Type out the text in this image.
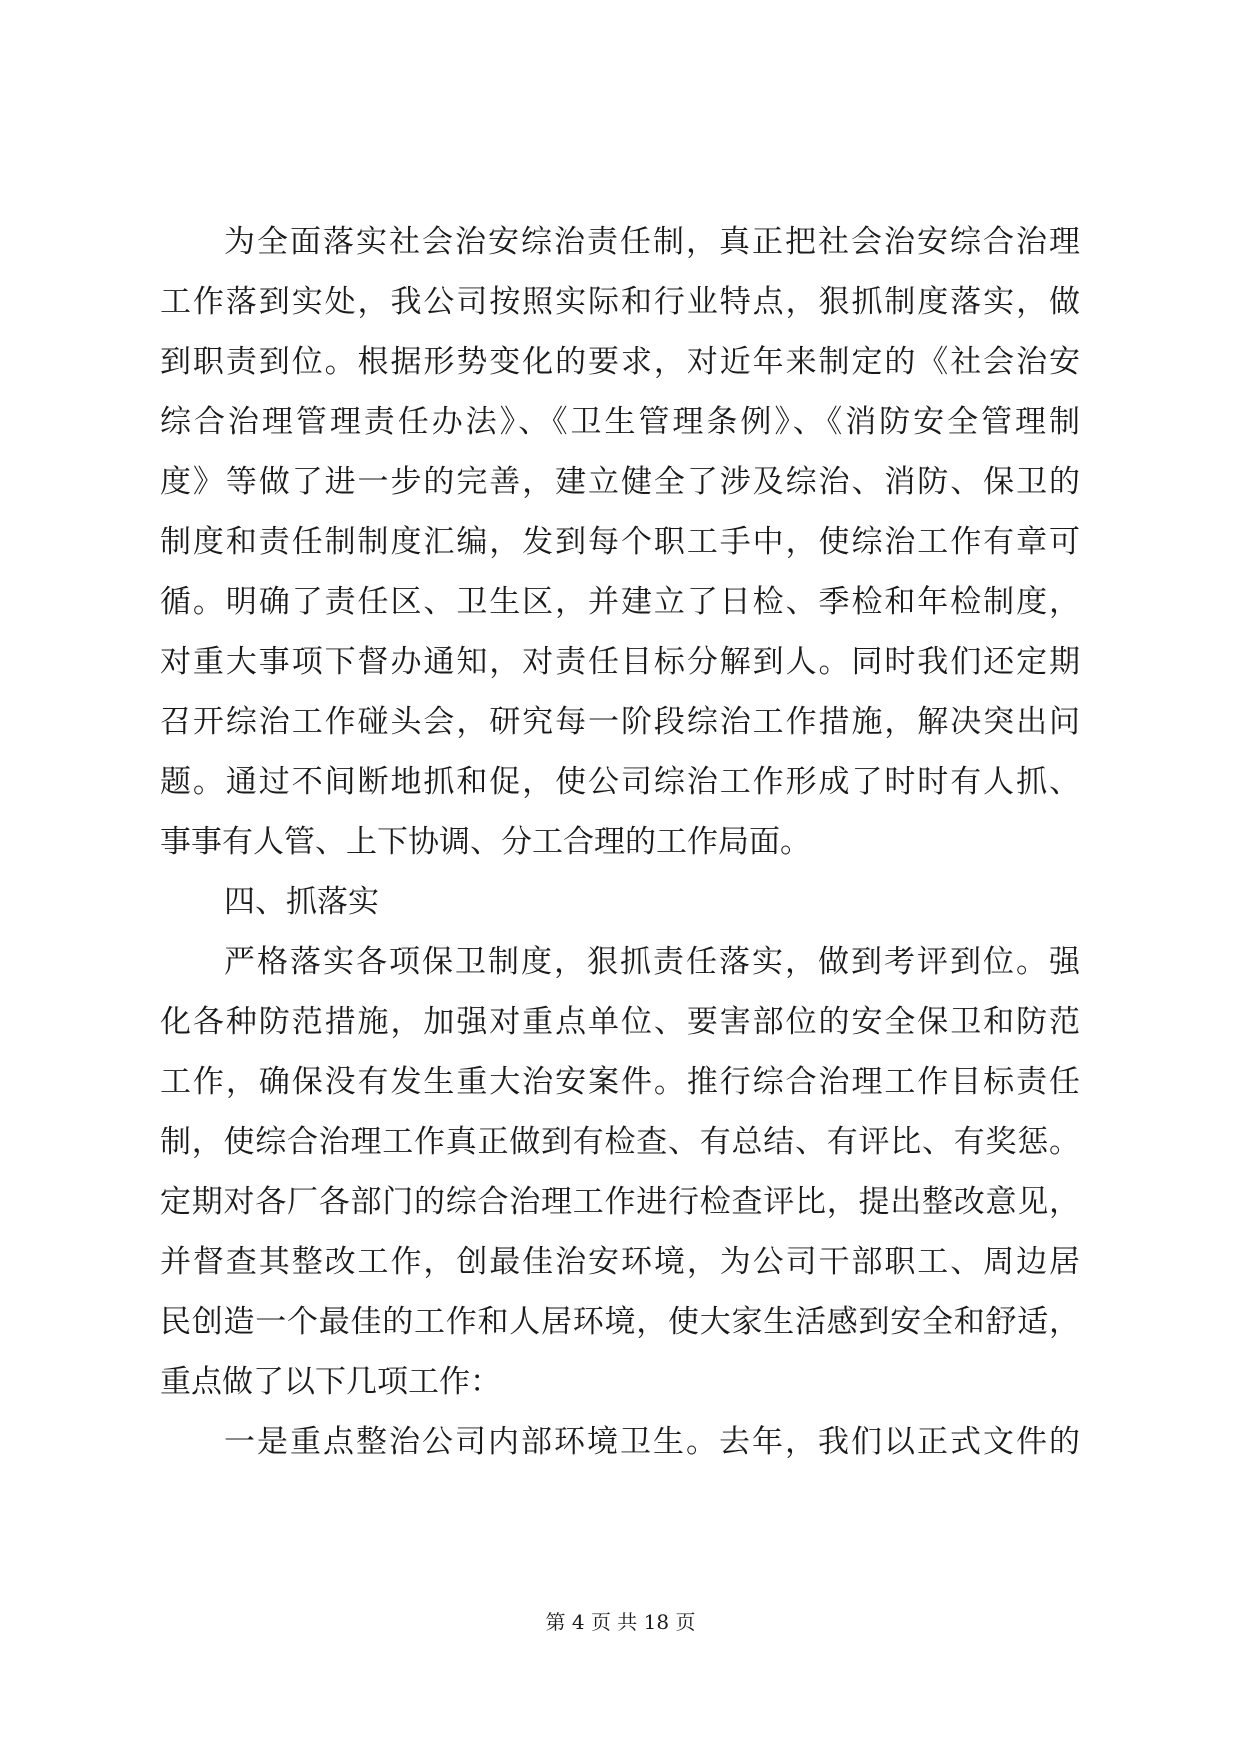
为全面落实社会治安综治责任制，真正把社会治安综合治理
工作落到实处，我公司按照实际和行业特点，狠抓制度落实，做
到职责到位。根据形势变化的要求，对近年来制定的《社会治安
综合治理管理责任办法》、《卫生管理条例》、《消防安全管理制
度》等做了进一步的完善，建立健全了涉及综治、消防、保卫的
制度和责任制制度汇编，发到每个职工手中，使综治工作有章可
循。明确了责任区、卫生区，并建立了日检、季检和年检制度，
对重大事项下督办通知，对责任目标分解到人。同时我们还定期
召开综治工作碰头会，研究每一阶段综治工作措施，解决突出问
题。通过不间断地抓和促，使公司综治工作形成了时时有人抓、
事事有人管、上下协调、分工合理的工作局面。
四、抓落实
严格落实各项保卫制度，狠抓责任落实，做到考评到位。强
化各种防范措施，加强对重点单位、要害部位的安全保卫和防范
工作，确保没有发生重大治安案件。推行综合治理工作目标责任
制，使综合治理工作真正做到有检查、有总结、有评比、有奖惩。
定期对各厂各部门的综合治理工作进行检查评比，提出整改意见，
并督查其整改工作，创最佳治安环境，为公司干部职工、周边居
民创造一个最佳的工作和人居环境，使大家生活感到安全和舒适，
重点做了以下几项工作：
一是重点整治公司内部环境卫生。去年，我们以正式文件的
第 4 页 共 18 页
